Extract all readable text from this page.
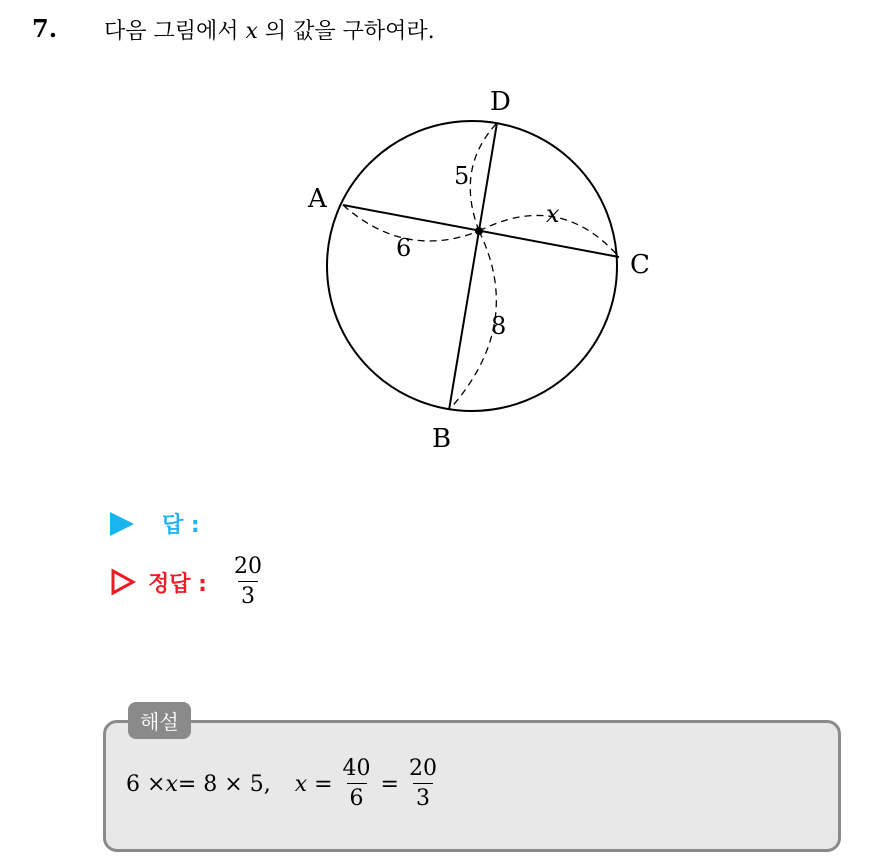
7. 다음 그림에서 x 의 값을 구하여라.
A
B
C
D
6
5
x
8
답 :
정답 : $\frac{20}{3}$
해설
6 × x = 8 × 5, $x = \frac{40}{6} = \frac{20}{3}$
